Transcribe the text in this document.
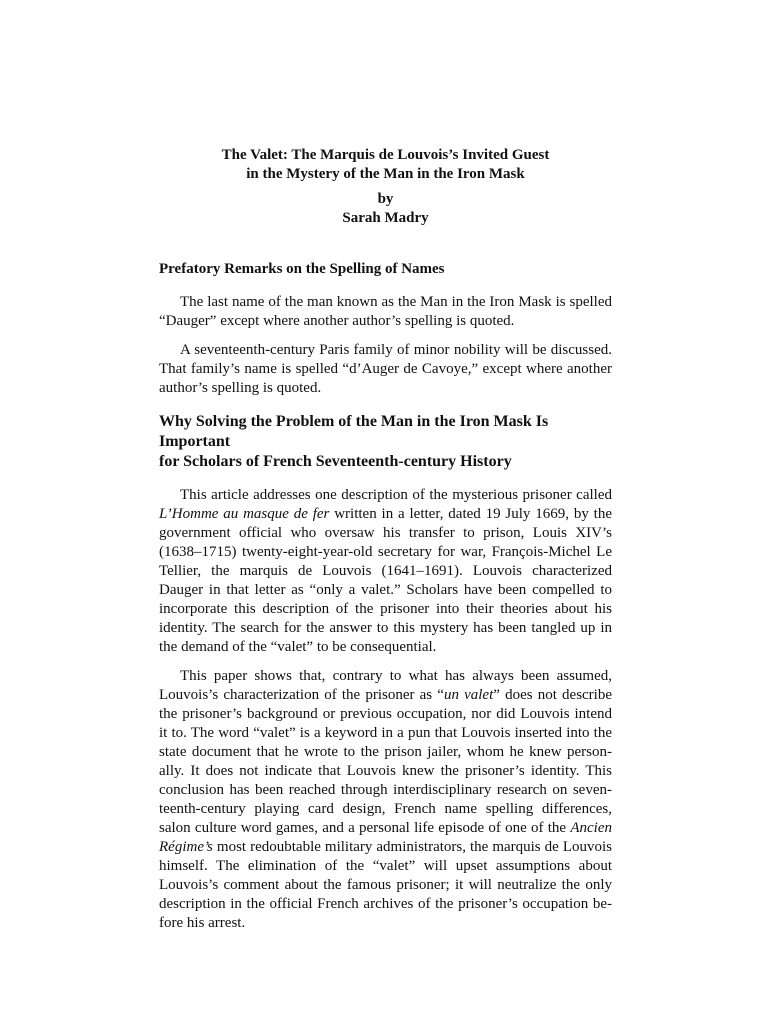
The Valet: The Marquis de Louvois’s Invited Guest
in the Mystery of the Man in the Iron Mask

by
Sarah Madry

Prefatory Remarks on the Spelling of Names

The last name of the man known as the Man in the Iron Mask is spelled “Dauger” except where another author’s spelling is quoted.

A seventeenth-century Paris family of minor nobility will be discussed. That family’s name is spelled “d’Auger de Cavoye,” except where another author’s spelling is quoted.

Why Solving the Problem of the Man in the Iron Mask Is Important
for Scholars of French Seventeenth-century History

This article addresses one description of the mysterious prisoner called L’Homme au masque de fer written in a letter, dated 19 July 1669, by the government official who oversaw his transfer to prison, Louis XIV’s (1638–1715) twenty-eight-year-old secretary for war, François-Michel Le Tellier, the marquis de Louvois (1641–1691). Louvois characterized Dauger in that letter as “only a valet.” Scholars have been compelled to incorporate this description of the prisoner into their theories about his identity. The search for the answer to this mystery has been tangled up in the demand of the “valet” to be consequential.

This paper shows that, contrary to what has always been assumed, Louvois’s characterization of the prisoner as “un valet” does not describe the prisoner’s background or previous occupation, nor did Louvois intend it to. The word “valet” is a keyword in a pun that Louvois inserted into the state document that he wrote to the prison jailer, whom he knew personally. It does not indicate that Louvois knew the prisoner’s identity. This conclusion has been reached through interdisciplinary research on seventeenth-century playing card design, French name spelling differences, salon culture word games, and a personal life episode of one of the Ancien Régime’s most redoubtable military administrators, the marquis de Louvois himself. The elimination of the “valet” will upset assumptions about Louvois’s comment about the famous prisoner; it will neutralize the only description in the official French archives of the prisoner’s occupation before his arrest.
